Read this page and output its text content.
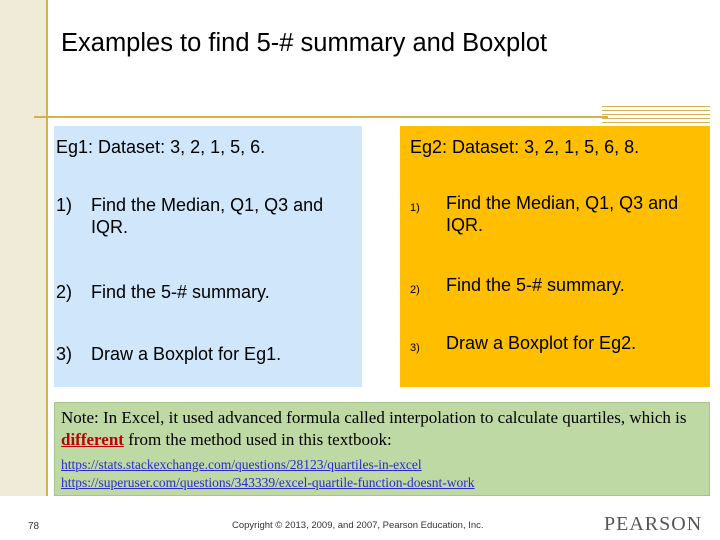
Examples to find 5-# summary and Boxplot
Eg1: Dataset: 3, 2, 1, 5, 6.
1) Find the Median, Q1, Q3 and IQR.
2) Find the 5-# summary.
3) Draw a Boxplot for Eg1.
Eg2: Dataset: 3, 2, 1, 5, 6, 8.
1) Find the Median, Q1, Q3 and IQR.
2) Find the 5-# summary.
3) Draw a Boxplot for Eg2.
Note: In Excel, it used advanced formula called interpolation to calculate quartiles, which is different from the method used in this textbook:
https://stats.stackexchange.com/questions/28123/quartiles-in-excel
https://superuser.com/questions/343339/excel-quartile-function-doesnt-work
78	Copyright © 2013, 2009, and 2007, Pearson Education, Inc.	PEARSON
